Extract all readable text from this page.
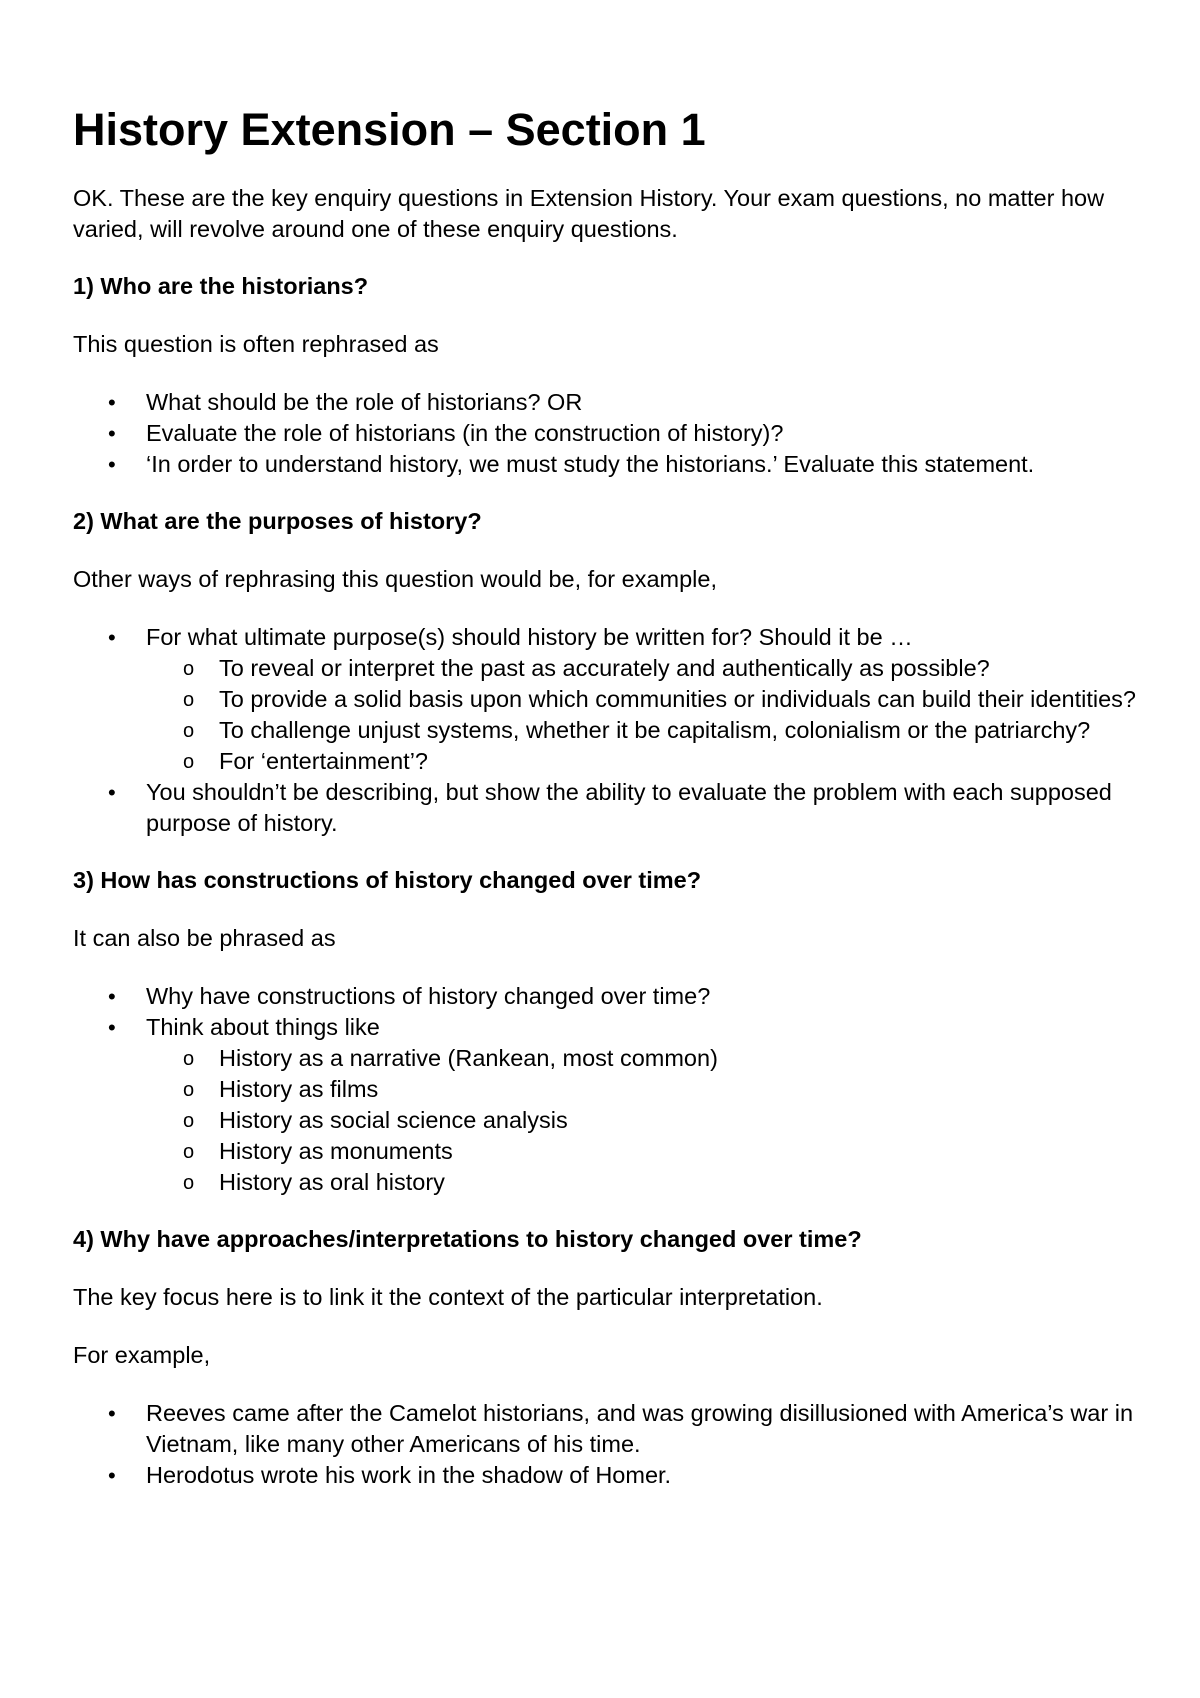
History Extension – Section 1

OK. These are the key enquiry questions in Extension History. Your exam questions, no matter how varied, will revolve around one of these enquiry questions.

1) Who are the historians?

This question is often rephrased as

• What should be the role of historians? OR
• Evaluate the role of historians (in the construction of history)?
• ‘In order to understand history, we must study the historians.’ Evaluate this statement.

2) What are the purposes of history?

Other ways of rephrasing this question would be, for example,

• For what ultimate purpose(s) should history be written for? Should it be …
o To reveal or interpret the past as accurately and authentically as possible?
o To provide a solid basis upon which communities or individuals can build their identities?
o To challenge unjust systems, whether it be capitalism, colonialism or the patriarchy?
o For ‘entertainment’?
• You shouldn’t be describing, but show the ability to evaluate the problem with each supposed purpose of history.

3) How has constructions of history changed over time?

It can also be phrased as

• Why have constructions of history changed over time?
• Think about things like
o History as a narrative (Rankean, most common)
o History as films
o History as social science analysis
o History as monuments
o History as oral history

4) Why have approaches/interpretations to history changed over time?

The key focus here is to link it the context of the particular interpretation.

For example,

• Reeves came after the Camelot historians, and was growing disillusioned with America’s war in Vietnam, like many other Americans of his time.
• Herodotus wrote his work in the shadow of Homer.
